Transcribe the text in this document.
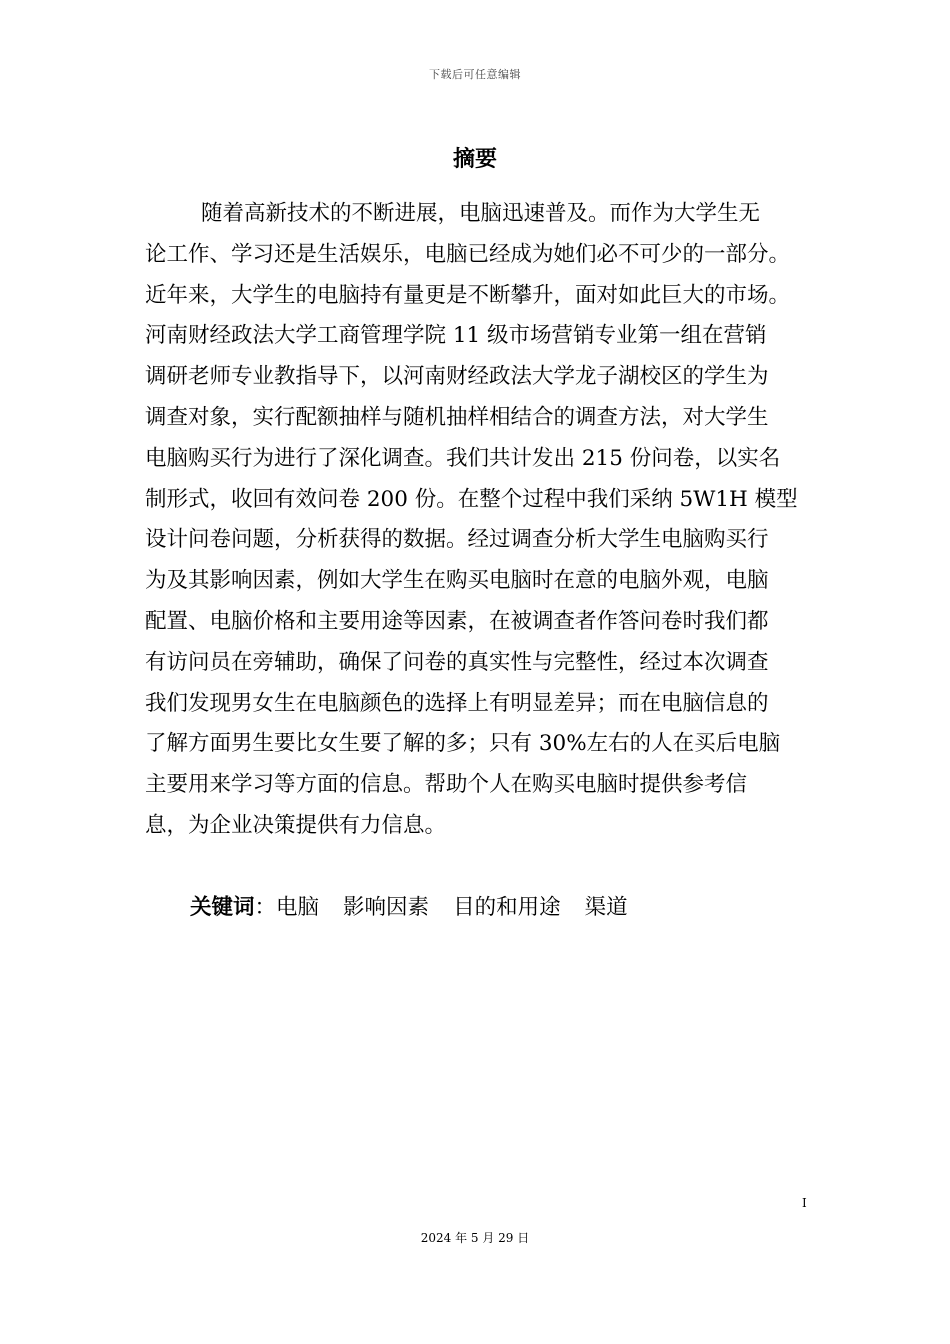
下载后可任意编辑
摘要
随着高新技术的不断进展，电脑迅速普及。而作为大学生无
论工作、学习还是生活娱乐，电脑已经成为她们必不可少的一部分。
近年来，大学生的电脑持有量更是不断攀升，面对如此巨大的市场。
河南财经政法大学工商管理学院 11 级市场营销专业第一组在营销
调研老师专业教指导下，以河南财经政法大学龙子湖校区的学生为
调查对象，实行配额抽样与随机抽样相结合的调查方法，对大学生
电脑购买行为进行了深化调查。我们共计发出 215 份问卷，以实名
制形式，收回有效问卷 200 份。在整个过程中我们采纳 5W1H 模型
设计问卷问题，分析获得的数据。经过调查分析大学生电脑购买行
为及其影响因素，例如大学生在购买电脑时在意的电脑外观，电脑
配置、电脑价格和主要用途等因素，在被调查者作答问卷时我们都
有访问员在旁辅助，确保了问卷的真实性与完整性，经过本次调查
我们发现男女生在电脑颜色的选择上有明显差异；而在电脑信息的
了解方面男生要比女生要了解的多；只有 30%左右的人在买后电脑
主要用来学习等方面的信息。帮助个人在购买电脑时提供参考信
息，为企业决策提供有力信息。
关键词：电脑 影响因素 目的和用途 渠道
I
2024 年 5 月 29 日
